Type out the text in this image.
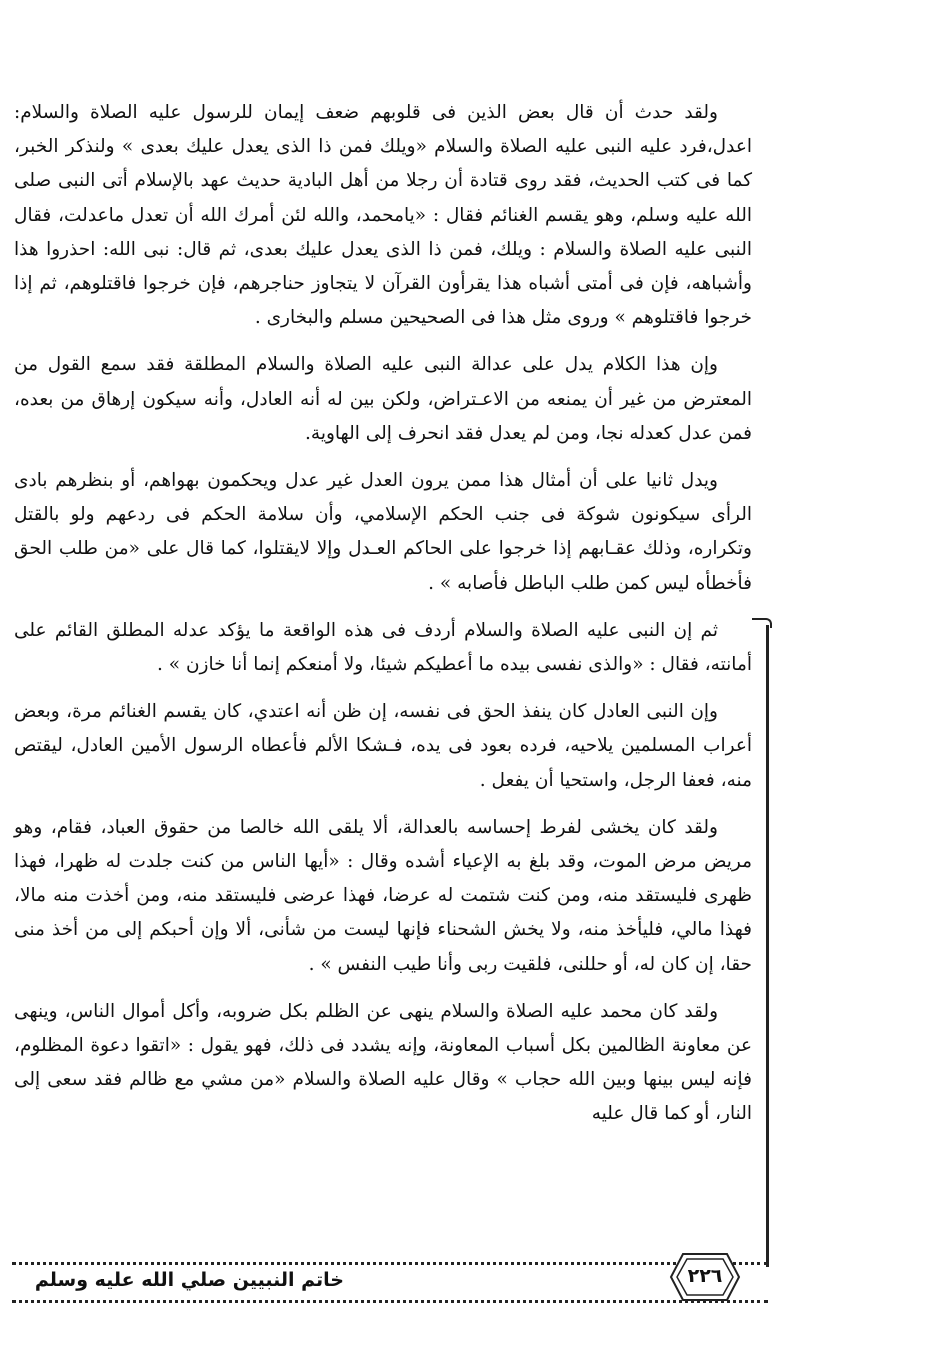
ولقد حدث أن قال بعض الذين فى قلوبهم ضعف إيمان للرسول عليه الصلاة والسلام: اعدل،فرد عليه النبى عليه الصلاة والسلام «ويلك فمن ذا الذى يعدل عليك بعدى » ولنذكر الخبر، كما فى كتب الحديث، فقد روى قتادة أن رجلا من أهل البادية حديث عهد بالإسلام أتى النبى صلى الله عليه وسلم، وهو يقسم الغنائم فقال : «يامحمد، والله لئن أمرك الله أن تعدل ماعدلت، فقال النبى عليه الصلاة والسلام : ويلك، فمن ذا الذى يعدل عليك بعدى، ثم قال: نبى الله: احذروا هذا وأشباهه، فإن فى أمتى أشباه هذا يقرأون القرآن لا يتجاوز حناجرهم، فإن خرجوا فاقتلوهم، ثم إذا خرجوا فاقتلوهم » وروى مثل هذا فى الصحيحين مسلم والبخارى .

وإن هذا الكلام يدل على عدالة النبى عليه الصلاة والسلام المطلقة فقد سمع القول من المعترض من غير أن يمنعه من الاعـتراض، ولكن بين له أنه العادل، وأنه سيكون إرهاق من بعده، فمن عدل كعدله نجا، ومن لم يعدل فقد انحرف إلى الهاوية.

ويدل ثانيا على أن أمثال هذا ممن يرون العدل غير عدل ويحكمون بهواهم، أو بنظرهم بادى الرأى سيكونون شوكة فى جنب الحكم الإسلامي، وأن سلامة الحكم فى ردعهم ولو بالقتل وتكراره، وذلك عقـابهم إذا خرجوا على الحاكم العـدل وإلا لايقتلوا، كما قال على «من طلب الحق فأخطأه ليس كمن طلب الباطل فأصابه » .

ثم إن النبى عليه الصلاة والسلام أردف فى هذه الواقعة ما يؤكد عدله المطلق القائم على أمانته، فقال : «والذى نفسى بيده ما أعطيكم شيئا، ولا أمنعكم إنما أنا خازن » .

وإن النبى العادل كان ينفذ الحق فى نفسه، إن ظن أنه اعتدي، كان يقسم الغنائم مرة، وبعض أعراب المسلمين يلاحيه، فرده بعود فى يده، فـشكا الألم فأعطاه الرسول الأمين العادل، ليقتص منه، فعفا الرجل، واستحيا أن يفعل .

ولقد كان يخشى لفرط إحساسه بالعدالة، ألا يلقى الله خالصا من حقوق العباد، فقام، وهو مريض مرض الموت، وقد بلغ به الإعياء أشده وقال : «أيها الناس من كنت جلدت له ظهرا، فهذا ظهرى فليستقد منه، ومن كنت شتمت له عرضا، فهذا عرضى فليستقد منه، ومن أخذت منه مالا، فهذا مالي، فليأخذ منه، ولا يخش الشحناء فإنها ليست من شأنى، ألا وإن أحبكم إلى من أخذ منى حقا، إن كان له، أو حللنى، فلقيت ربى وأنا طيب النفس » .

ولقد كان محمد عليه الصلاة والسلام ينهى عن الظلم بكل ضروبه، وأكل أموال الناس، وينهى عن معاونة الظالمين بكل أسباب المعاونة، وإنه يشدد فى ذلك، فهو يقول : «اتقوا دعوة المظلوم، فإنه ليس بينها وبين الله حجاب » وقال عليه الصلاة والسلام «من مشي مع ظالم فقد سعى إلى النار، أو كما قال عليه

٢٢٦
خاتم النبيين صلي الله عليه وسلم
